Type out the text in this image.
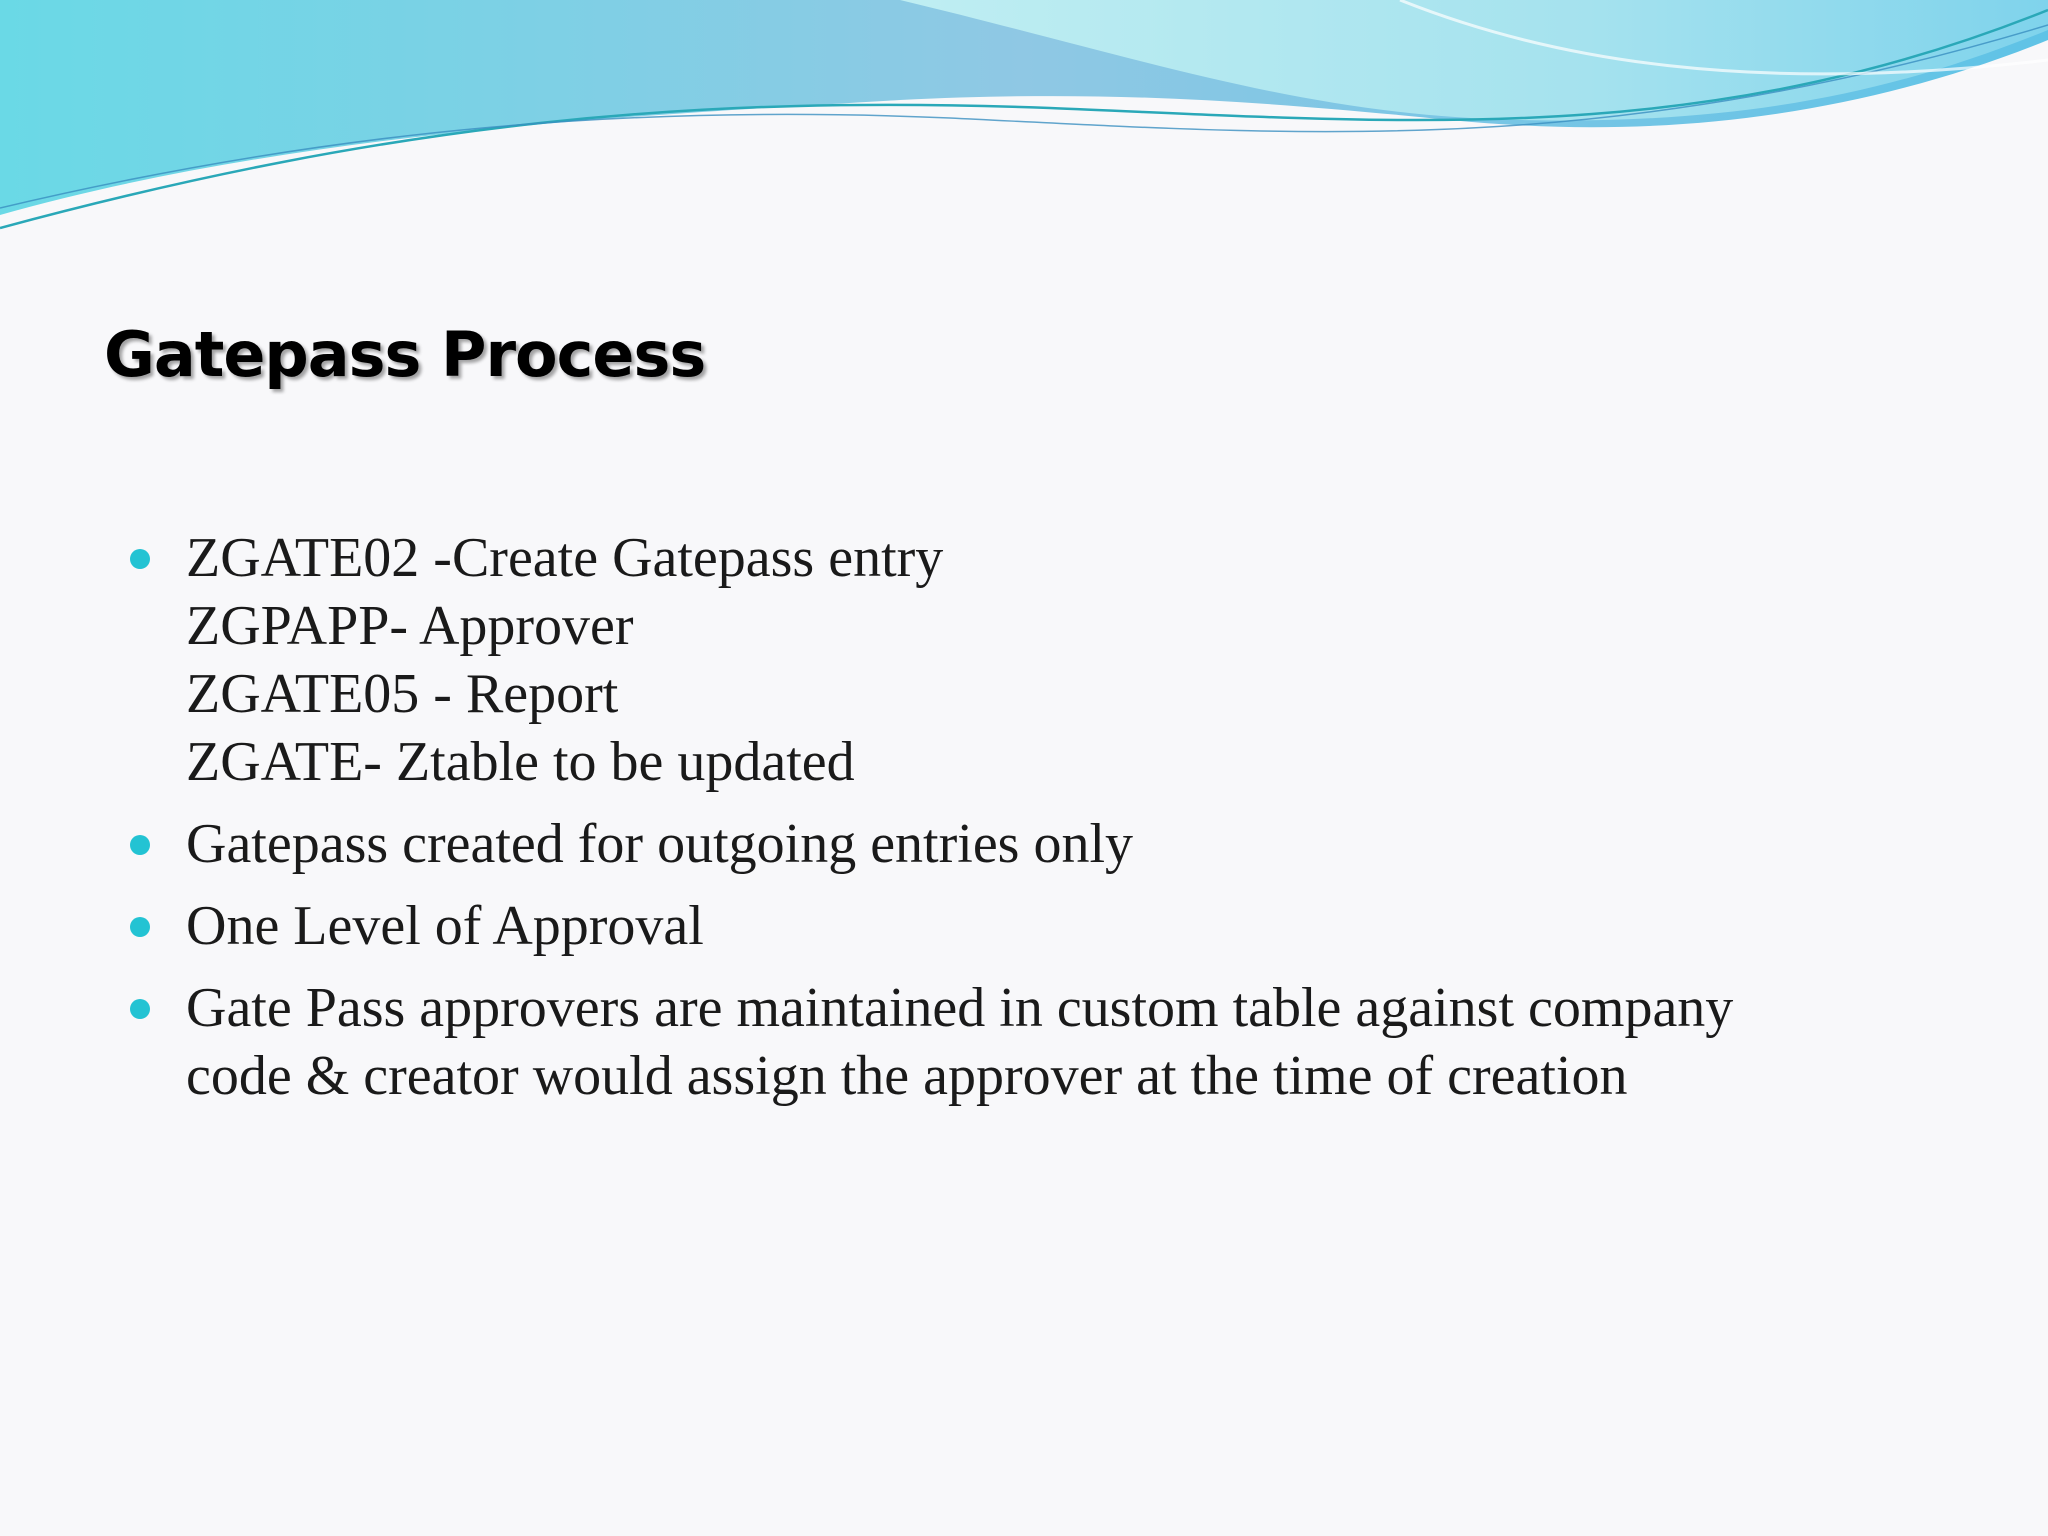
Gatepass Process
ZGATE02 -Create Gatepass entry
ZGPAPP- Approver
ZGATE05 - Report
ZGATE- Ztable to be updated
Gatepass created for outgoing entries only
One Level of Approval
Gate Pass approvers are maintained in custom table against company
code & creator would assign the approver at the time of creation
